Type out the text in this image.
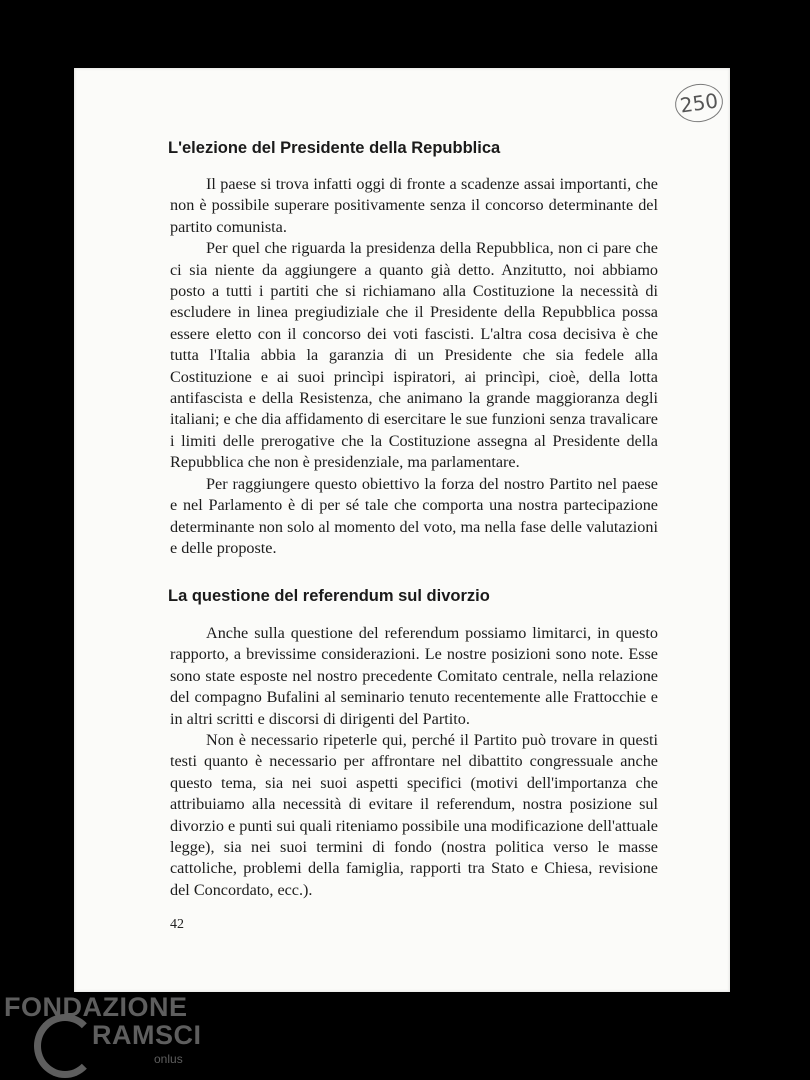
250
L'elezione del Presidente della Repubblica

Il paese si trova infatti oggi di fronte a scadenze assai importanti, che non è possibile superare positivamente senza il concorso determinante del partito comunista.

Per quel che riguarda la presidenza della Repubblica, non ci pare che ci sia niente da aggiungere a quanto già detto. Anzitutto, noi abbiamo posto a tutti i partiti che si richiamano alla Costituzione la necessità di escludere in linea pregiudiziale che il Presidente della Repubblica possa essere eletto con il concorso dei voti fascisti. L'altra cosa decisiva è che tutta l'Italia abbia la garanzia di un Presidente che sia fedele alla Costituzione e ai suoi princìpi ispiratori, ai princìpi, cioè, della lotta antifascista e della Resistenza, che animano la grande maggioranza degli italiani; e che dia affidamento di esercitare le sue funzioni senza travalicare i limiti delle prerogative che la Costituzione assegna al Presidente della Repubblica che non è presidenziale, ma parlamentare.

Per raggiungere questo obiettivo la forza del nostro Partito nel paese e nel Parlamento è di per sé tale che comporta una nostra partecipazione determinante non solo al momento del voto, ma nella fase delle valutazioni e delle proposte.

La questione del referendum sul divorzio

Anche sulla questione del referendum possiamo limitarci, in questo rapporto, a brevissime considerazioni. Le nostre posizioni sono note. Esse sono state esposte nel nostro precedente Comitato centrale, nella relazione del compagno Bufalini al seminario tenuto recentemente alle Frattocchie e in altri scritti e discorsi di dirigenti del Partito.

Non è necessario ripeterle qui, perché il Partito può trovare in questi testi quanto è necessario per affrontare nel dibattito congressuale anche questo tema, sia nei suoi aspetti specifici (motivi dell'importanza che attribuiamo alla necessità di evitare il referendum, nostra posizione sul divorzio e punti sui quali riteniamo possibile una modificazione dell'attuale legge), sia nei suoi termini di fondo (nostra politica verso le masse cattoliche, problemi della famiglia, rapporti tra Stato e Chiesa, revisione del Concordato, ecc.).

42
FONDAZIONE
RAMSCI
onlus
